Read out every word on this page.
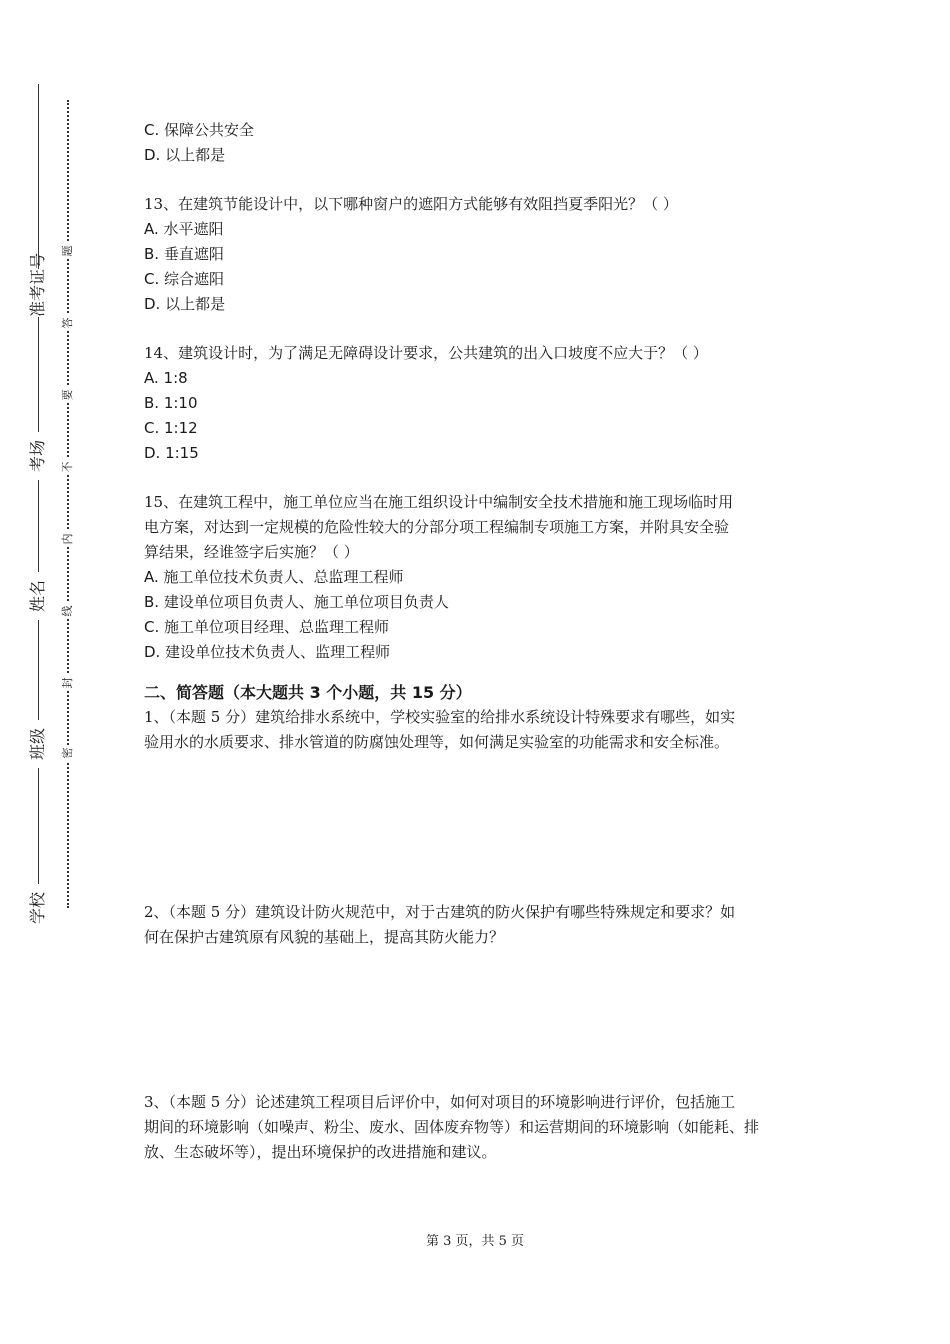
准考证号
考场
姓名
班级
学校
题
答
要
不
内
线
封
密

C. 保障公共安全

D. 以上都是

13、在建筑节能设计中，以下哪种窗户的遮阳方式能够有效阻挡夏季阳光？（ ）

A. 水平遮阳

B. 垂直遮阳

C. 综合遮阳

D. 以上都是

14、建筑设计时，为了满足无障碍设计要求，公共建筑的出入口坡度不应大于？（ ）

A. 1:8

B. 1:10

C. 1:12

D. 1:15

15、在建筑工程中，施工单位应当在施工组织设计中编制安全技术措施和施工现场临时用

电方案，对达到一定规模的危险性较大的分部分项工程编制专项施工方案，并附具安全验

算结果，经谁签字后实施？（ ）

A. 施工单位技术负责人、总监理工程师

B. 建设单位项目负责人、施工单位项目负责人

C. 施工单位项目经理、总监理工程师

D. 建设单位技术负责人、监理工程师

二、简答题（本大题共 3 个小题，共 15 分）

1、（本题 5 分）建筑给排水系统中，学校实验室的给排水系统设计特殊要求有哪些，如实

验用水的水质要求、排水管道的防腐蚀处理等，如何满足实验室的功能需求和安全标准。

2、（本题 5 分）建筑设计防火规范中，对于古建筑的防火保护有哪些特殊规定和要求？如

何在保护古建筑原有风貌的基础上，提高其防火能力？

3、（本题 5 分）论述建筑工程项目后评价中，如何对项目的环境影响进行评价，包括施工

期间的环境影响（如噪声、粉尘、废水、固体废弃物等）和运营期间的环境影响（如能耗、排

放、生态破坏等），提出环境保护的改进措施和建议。

第 3 页，共 5 页
